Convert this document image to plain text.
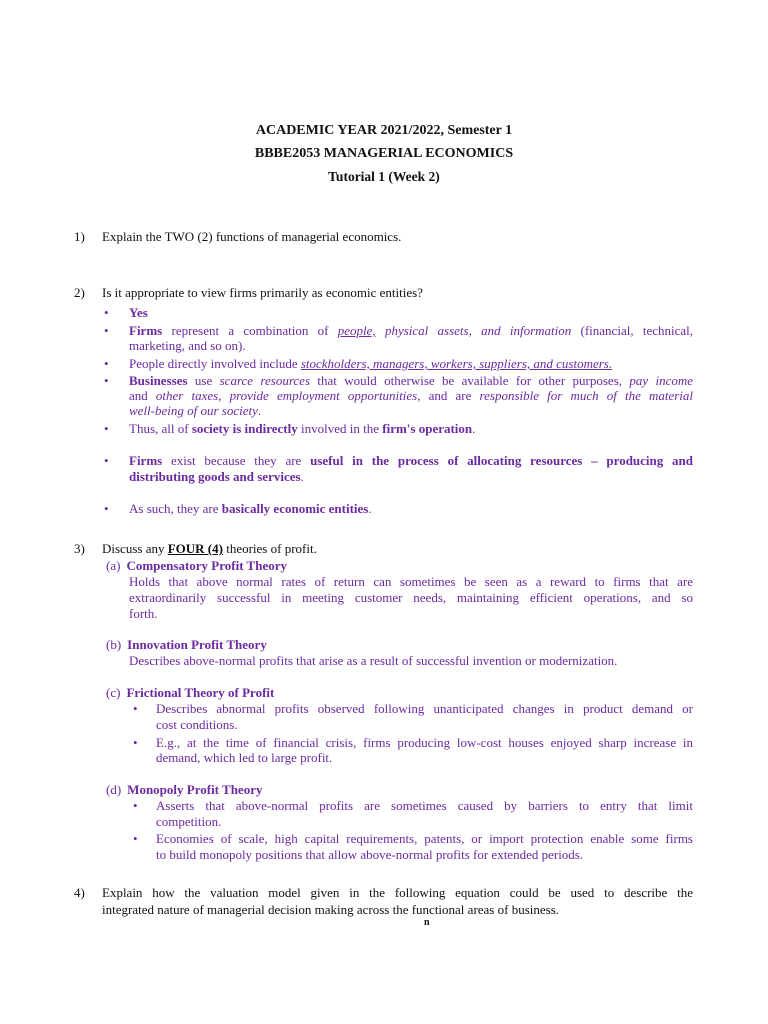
ACADEMIC YEAR 2021/2022, Semester 1
BBBE2053 MANAGERIAL ECONOMICS
Tutorial 1 (Week 2)
1) Explain the TWO (2) functions of managerial economics.
2) Is it appropriate to view firms primarily as economic entities?
• Yes
• Firms represent a combination of people, physical assets, and information (financial, technical,
marketing, and so on).
• People directly involved include stockholders, managers, workers, suppliers, and customers.
• Businesses use scarce resources that would otherwise be available for other purposes, pay income
and other taxes, provide employment opportunities, and are responsible for much of the material
well-being of our society.
• Thus, all of society is indirectly involved in the firm's operation.
• Firms exist because they are useful in the process of allocating resources – producing and
distributing goods and services.
• As such, they are basically economic entities.
3) Discuss any FOUR (4) theories of profit.
(a) Compensatory Profit Theory
Holds that above normal rates of return can sometimes be seen as a reward to firms that are
extraordinarily successful in meeting customer needs, maintaining efficient operations, and so
forth.
(b) Innovation Profit Theory
Describes above-normal profits that arise as a result of successful invention or modernization.
(c) Frictional Theory of Profit
• Describes abnormal profits observed following unanticipated changes in product demand or
cost conditions.
• E.g., at the time of financial crisis, firms producing low-cost houses enjoyed sharp increase in
demand, which led to large profit.
(d) Monopoly Profit Theory
• Asserts that above-normal profits are sometimes caused by barriers to entry that limit
competition.
• Economies of scale, high capital requirements, patents, or import protection enable some firms
to build monopoly positions that allow above-normal profits for extended periods.
4) Explain how the valuation model given in the following equation could be used to describe the
integrated nature of managerial decision making across the functional areas of business.
n
